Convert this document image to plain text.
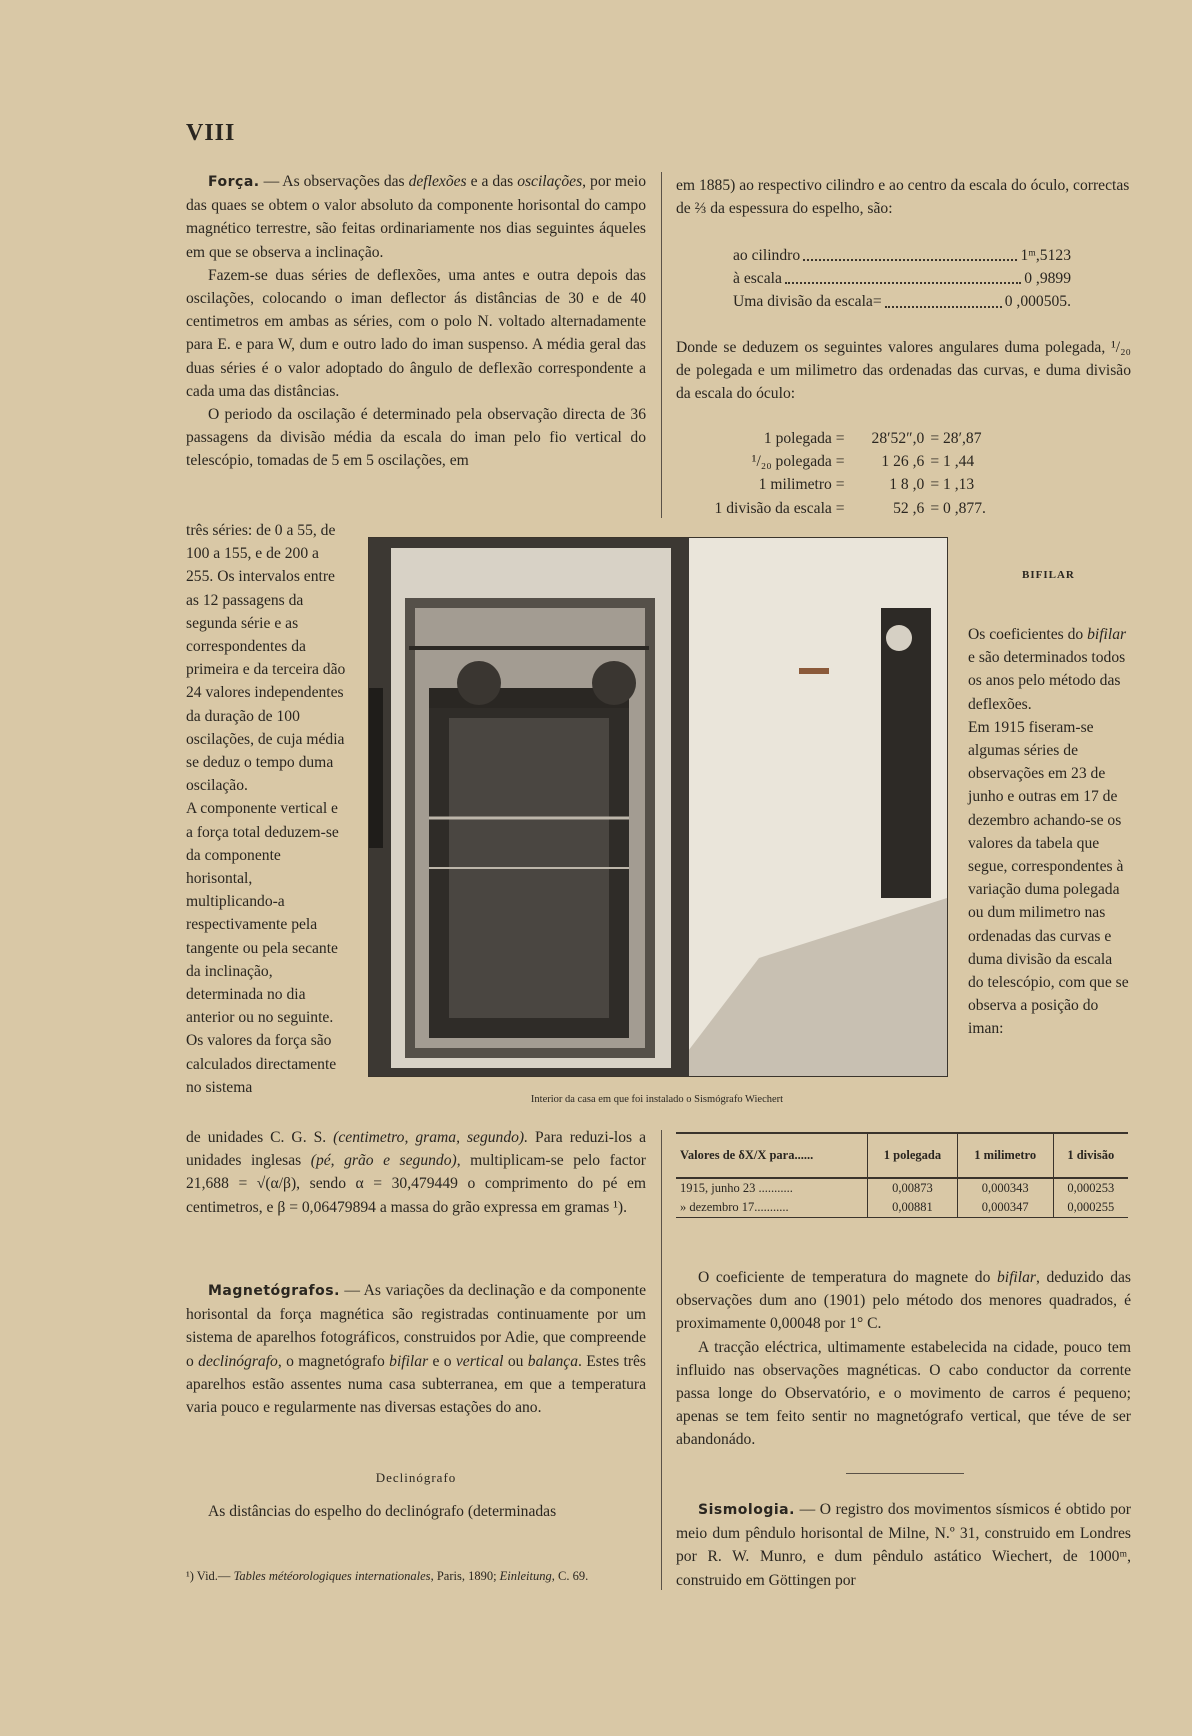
VIII

Força. — As observações das deflexões e a das oscilações, por meio das quaes se obtem o valor absoluto da componente horisontal do campo magnético terrestre, são feitas ordinariamente nos dias seguintes áqueles em que se observa a inclinação.

Fazem-se duas séries de deflexões, uma antes e outra depois das oscilações, colocando o iman deflector ás distâncias de 30 e de 40 centimetros em ambas as séries, com o polo N. voltado alternadamente para E. e para W, dum e outro lado do iman suspenso. A média geral das duas séries é o valor adoptado do ângulo de deflexão correspondente a cada uma das distâncias.

O periodo da oscilação é determinado pela observação directa de 36 passagens da divisão média da escala do iman pelo fio vertical do telescópio, tomadas de 5 em 5 oscilações, em

três séries: de 0 a 55, de 100 a 155, e de 200 a 255. Os intervalos entre as 12 passagens da segunda série e as correspondentes da primeira e da terceira dão 24 valores independentes da duração de 100 oscilações, de cuja média se deduz o tempo duma oscilação.
A componente vertical e a força total deduzem-se da componente horisontal, multiplicando-a respectivamente pela tangente ou pela secante da inclinação, determinada no dia anterior ou no seguinte.
Os valores da força são calculados directamente no sistema
Interior da casa em que foi instalado o Sismógrafo Wiechert

em 1885) ao respectivo cilindro e ao centro da escala do óculo, correctas de ⅔ da espessura do espelho, são:

ao cilindro	1ᵐ,5123
à escala	0 ,9899
Uma divisão da escala=	0 ,000505.
Donde se deduzem os seguintes valores angulares duma polegada, ¹/₂₀ de polegada e um milimetro das ordenadas das curvas, e duma divisão da escala do óculo:
1 polegada =	28′52″,0 = 28′,87
¹/₂₀ polegada =	1 26 ,6 = 1 ,44
1 milimetro =	1 8 ,0 = 1 ,13
1 divisão da escala =	52 ,6 = 0 ,877.
BIFILAR
Os coeficientes do bifilar e são determinados todos os anos pelo método das deflexões.
Em 1915 fiseram-se algumas séries de observações em 23 de junho e outras em 17 de dezembro achando-se os valores da tabela que segue, correspondentes à variação duma polegada ou dum milimetro nas ordenadas das curvas e duma divisão da escala do telescópio, com que se observa a posição do iman:
de unidades C. G. S. (centimetro, grama, segundo). Para reduzi-los a unidades inglesas (pé, grão e segundo), multiplicam-se pelo factor 21,688 = √(α/β), sendo α = 30,479449 o comprimento do pé em centimetros, e β = 0,06479894 a massa do grão expressa em gramas ¹).

Magnetógrafos. — As variações da declinação e da componente horisontal da força magnética são registradas continuamente por um sistema de aparelhos fotográficos, construidos por Adie, que compreende o declinógrafo, o magnetógrafo bifilar e o vertical ou balança. Estes três aparelhos estão assentes numa casa subterranea, em que a temperatura varia pouco e regularmente nas diversas estações do ano.

Declinógrafo
As distâncias do espelho do declinógrafo (determinadas
¹) Vid.— Tables météorologiques internationales, Paris, 1890; Einleitung, C. 69.
Valores de δX/X para......	1 polegada	1 milimetro	1 divisão
1915, junho 23 ...........	0,00873	0,000343	0,000253
» dezembro 17...........	0,00881	0,000347	0,000255

O coeficiente de temperatura do magnete do bifilar, deduzido das observações dum ano (1901) pelo método dos menores quadrados, é proximamente 0,00048 por 1° C.

A tracção eléctrica, ultimamente estabelecida na cidade, pouco tem influido nas observações magnéticas. O cabo conductor da corrente passa longe do Observatório, e o movimento de carros é pequeno; apenas se tem feito sentir no magnetógrafo vertical, que téve de ser abandonádo.

Sismologia. — O registro dos movimentos sísmicos é obtido por meio dum pêndulo horisontal de Milne, N.º 31, construido em Londres por R. W. Munro, e dum pêndulo astático Wiechert, de 1000ᵐ, construido em Göttingen por
